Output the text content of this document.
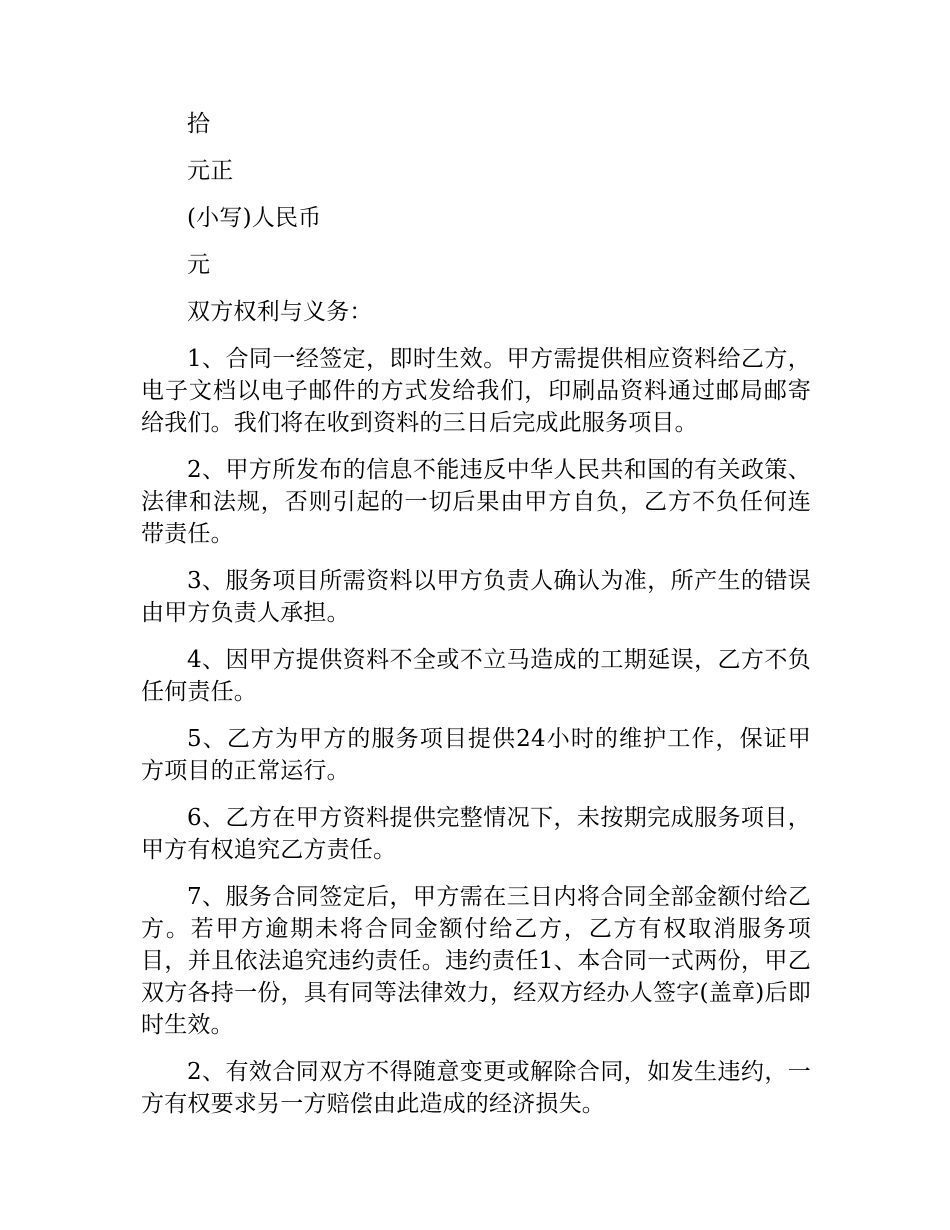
拾
元正
(小写)人民币
元
双方权利与义务：

1、合同一经签定，即时生效。甲方需提供相应资料给乙方，电子文档以电子邮件的方式发给我们，印刷品资料通过邮局邮寄给我们。我们将在收到资料的三日后完成此服务项目。

2、甲方所发布的信息不能违反中华人民共和国的有关政策、法律和法规，否则引起的一切后果由甲方自负，乙方不负任何连带责任。

3、服务项目所需资料以甲方负责人确认为准，所产生的错误由甲方负责人承担。

4、因甲方提供资料不全或不立马造成的工期延误，乙方不负任何责任。

5、乙方为甲方的服务项目提供24小时的维护工作，保证甲方项目的正常运行。

6、乙方在甲方资料提供完整情况下，未按期完成服务项目，甲方有权追究乙方责任。

7、服务合同签定后，甲方需在三日内将合同全部金额付给乙方。若甲方逾期未将合同金额付给乙方，乙方有权取消服务项目，并且依法追究违约责任。违约责任1、本合同一式两份，甲乙双方各持一份，具有同等法律效力，经双方经办人签字(盖章)后即时生效。

2、有效合同双方不得随意变更或解除合同，如发生违约，一方有权要求另一方赔偿由此造成的经济损失。
